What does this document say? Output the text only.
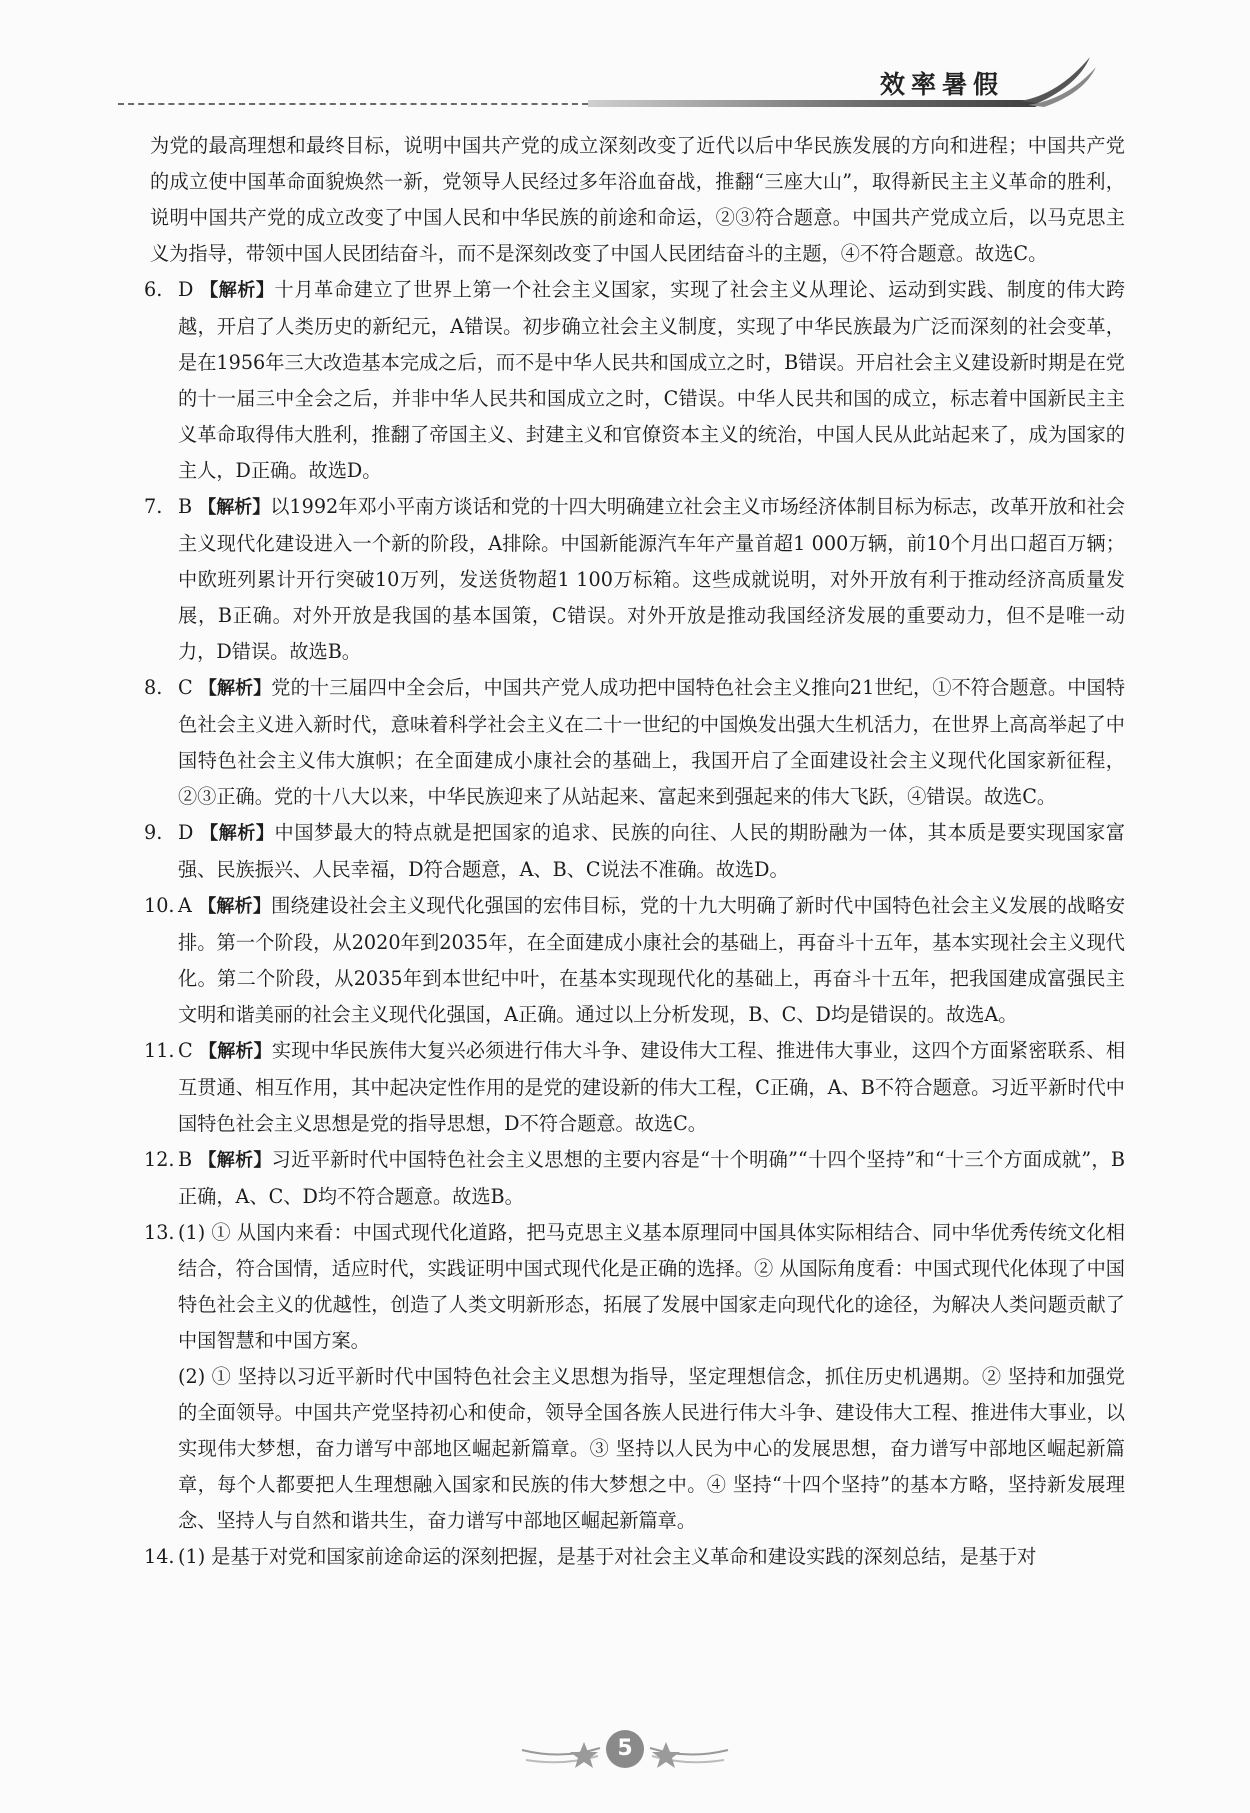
效率暑假
为党的最高理想和最终目标，说明中国共产党的成立深刻改变了近代以后中华民族发展的方向和进程；中国共产党的成立使中国革命面貌焕然一新，党领导人民经过多年浴血奋战，推翻“三座大山”，取得新民主主义革命的胜利，说明中国共产党的成立改变了中国人民和中华民族的前途和命运，②③符合题意。中国共产党成立后，以马克思主义为指导，带领中国人民团结奋斗，而不是深刻改变了中国人民团结奋斗的主题，④不符合题意。故选C。
6. D 【解析】十月革命建立了世界上第一个社会主义国家，实现了社会主义从理论、运动到实践、制度的伟大跨越，开启了人类历史的新纪元，A错误。初步确立社会主义制度，实现了中华民族最为广泛而深刻的社会变革，是在1956年三大改造基本完成之后，而不是中华人民共和国成立之时，B错误。开启社会主义建设新时期是在党的十一届三中全会之后，并非中华人民共和国成立之时，C错误。中华人民共和国的成立，标志着中国新民主主义革命取得伟大胜利，推翻了帝国主义、封建主义和官僚资本主义的统治，中国人民从此站起来了，成为国家的主人，D正确。故选D。
7. B 【解析】以1992年邓小平南方谈话和党的十四大明确建立社会主义市场经济体制目标为标志，改革开放和社会主义现代化建设进入一个新的阶段，A排除。中国新能源汽车年产量首超1 000万辆，前10个月出口超百万辆；中欧班列累计开行突破10万列，发送货物超1 100万标箱。这些成就说明，对外开放有利于推动经济高质量发展，B正确。对外开放是我国的基本国策，C错误。对外开放是推动我国经济发展的重要动力，但不是唯一动力，D错误。故选B。
8. C 【解析】党的十三届四中全会后，中国共产党人成功把中国特色社会主义推向21世纪，①不符合题意。中国特色社会主义进入新时代，意味着科学社会主义在二十一世纪的中国焕发出强大生机活力，在世界上高高举起了中国特色社会主义伟大旗帜；在全面建成小康社会的基础上，我国开启了全面建设社会主义现代化国家新征程，②③正确。党的十八大以来，中华民族迎来了从站起来、富起来到强起来的伟大飞跃，④错误。故选C。
9. D 【解析】中国梦最大的特点就是把国家的追求、民族的向往、人民的期盼融为一体，其本质是要实现国家富强、民族振兴、人民幸福，D符合题意，A、B、C说法不准确。故选D。
10. A 【解析】围绕建设社会主义现代化强国的宏伟目标，党的十九大明确了新时代中国特色社会主义发展的战略安排。第一个阶段，从2020年到2035年，在全面建成小康社会的基础上，再奋斗十五年，基本实现社会主义现代化。第二个阶段，从2035年到本世纪中叶，在基本实现现代化的基础上，再奋斗十五年，把我国建成富强民主文明和谐美丽的社会主义现代化强国，A正确。通过以上分析发现，B、C、D均是错误的。故选A。
11. C 【解析】实现中华民族伟大复兴必须进行伟大斗争、建设伟大工程、推进伟大事业，这四个方面紧密联系、相互贯通、相互作用，其中起决定性作用的是党的建设新的伟大工程，C正确，A、B不符合题意。习近平新时代中国特色社会主义思想是党的指导思想，D不符合题意。故选C。
12. B 【解析】习近平新时代中国特色社会主义思想的主要内容是“十个明确”“十四个坚持”和“十三个方面成就”，B正确，A、C、D均不符合题意。故选B。
13. (1) ① 从国内来看：中国式现代化道路，把马克思主义基本原理同中国具体实际相结合、同中华优秀传统文化相结合，符合国情，适应时代，实践证明中国式现代化是正确的选择。② 从国际角度看：中国式现代化体现了中国特色社会主义的优越性，创造了人类文明新形态，拓展了发展中国家走向现代化的途径，为解决人类问题贡献了中国智慧和中国方案。
(2) ① 坚持以习近平新时代中国特色社会主义思想为指导，坚定理想信念，抓住历史机遇期。② 坚持和加强党的全面领导。中国共产党坚持初心和使命，领导全国各族人民进行伟大斗争、建设伟大工程、推进伟大事业，以实现伟大梦想，奋力谱写中部地区崛起新篇章。③ 坚持以人民为中心的发展思想，奋力谱写中部地区崛起新篇章，每个人都要把人生理想融入国家和民族的伟大梦想之中。④ 坚持“十四个坚持”的基本方略，坚持新发展理念、坚持人与自然和谐共生，奋力谱写中部地区崛起新篇章。
14. (1) 是基于对党和国家前途命运的深刻把握，是基于对社会主义革命和建设实践的深刻总结，是基于对
5
